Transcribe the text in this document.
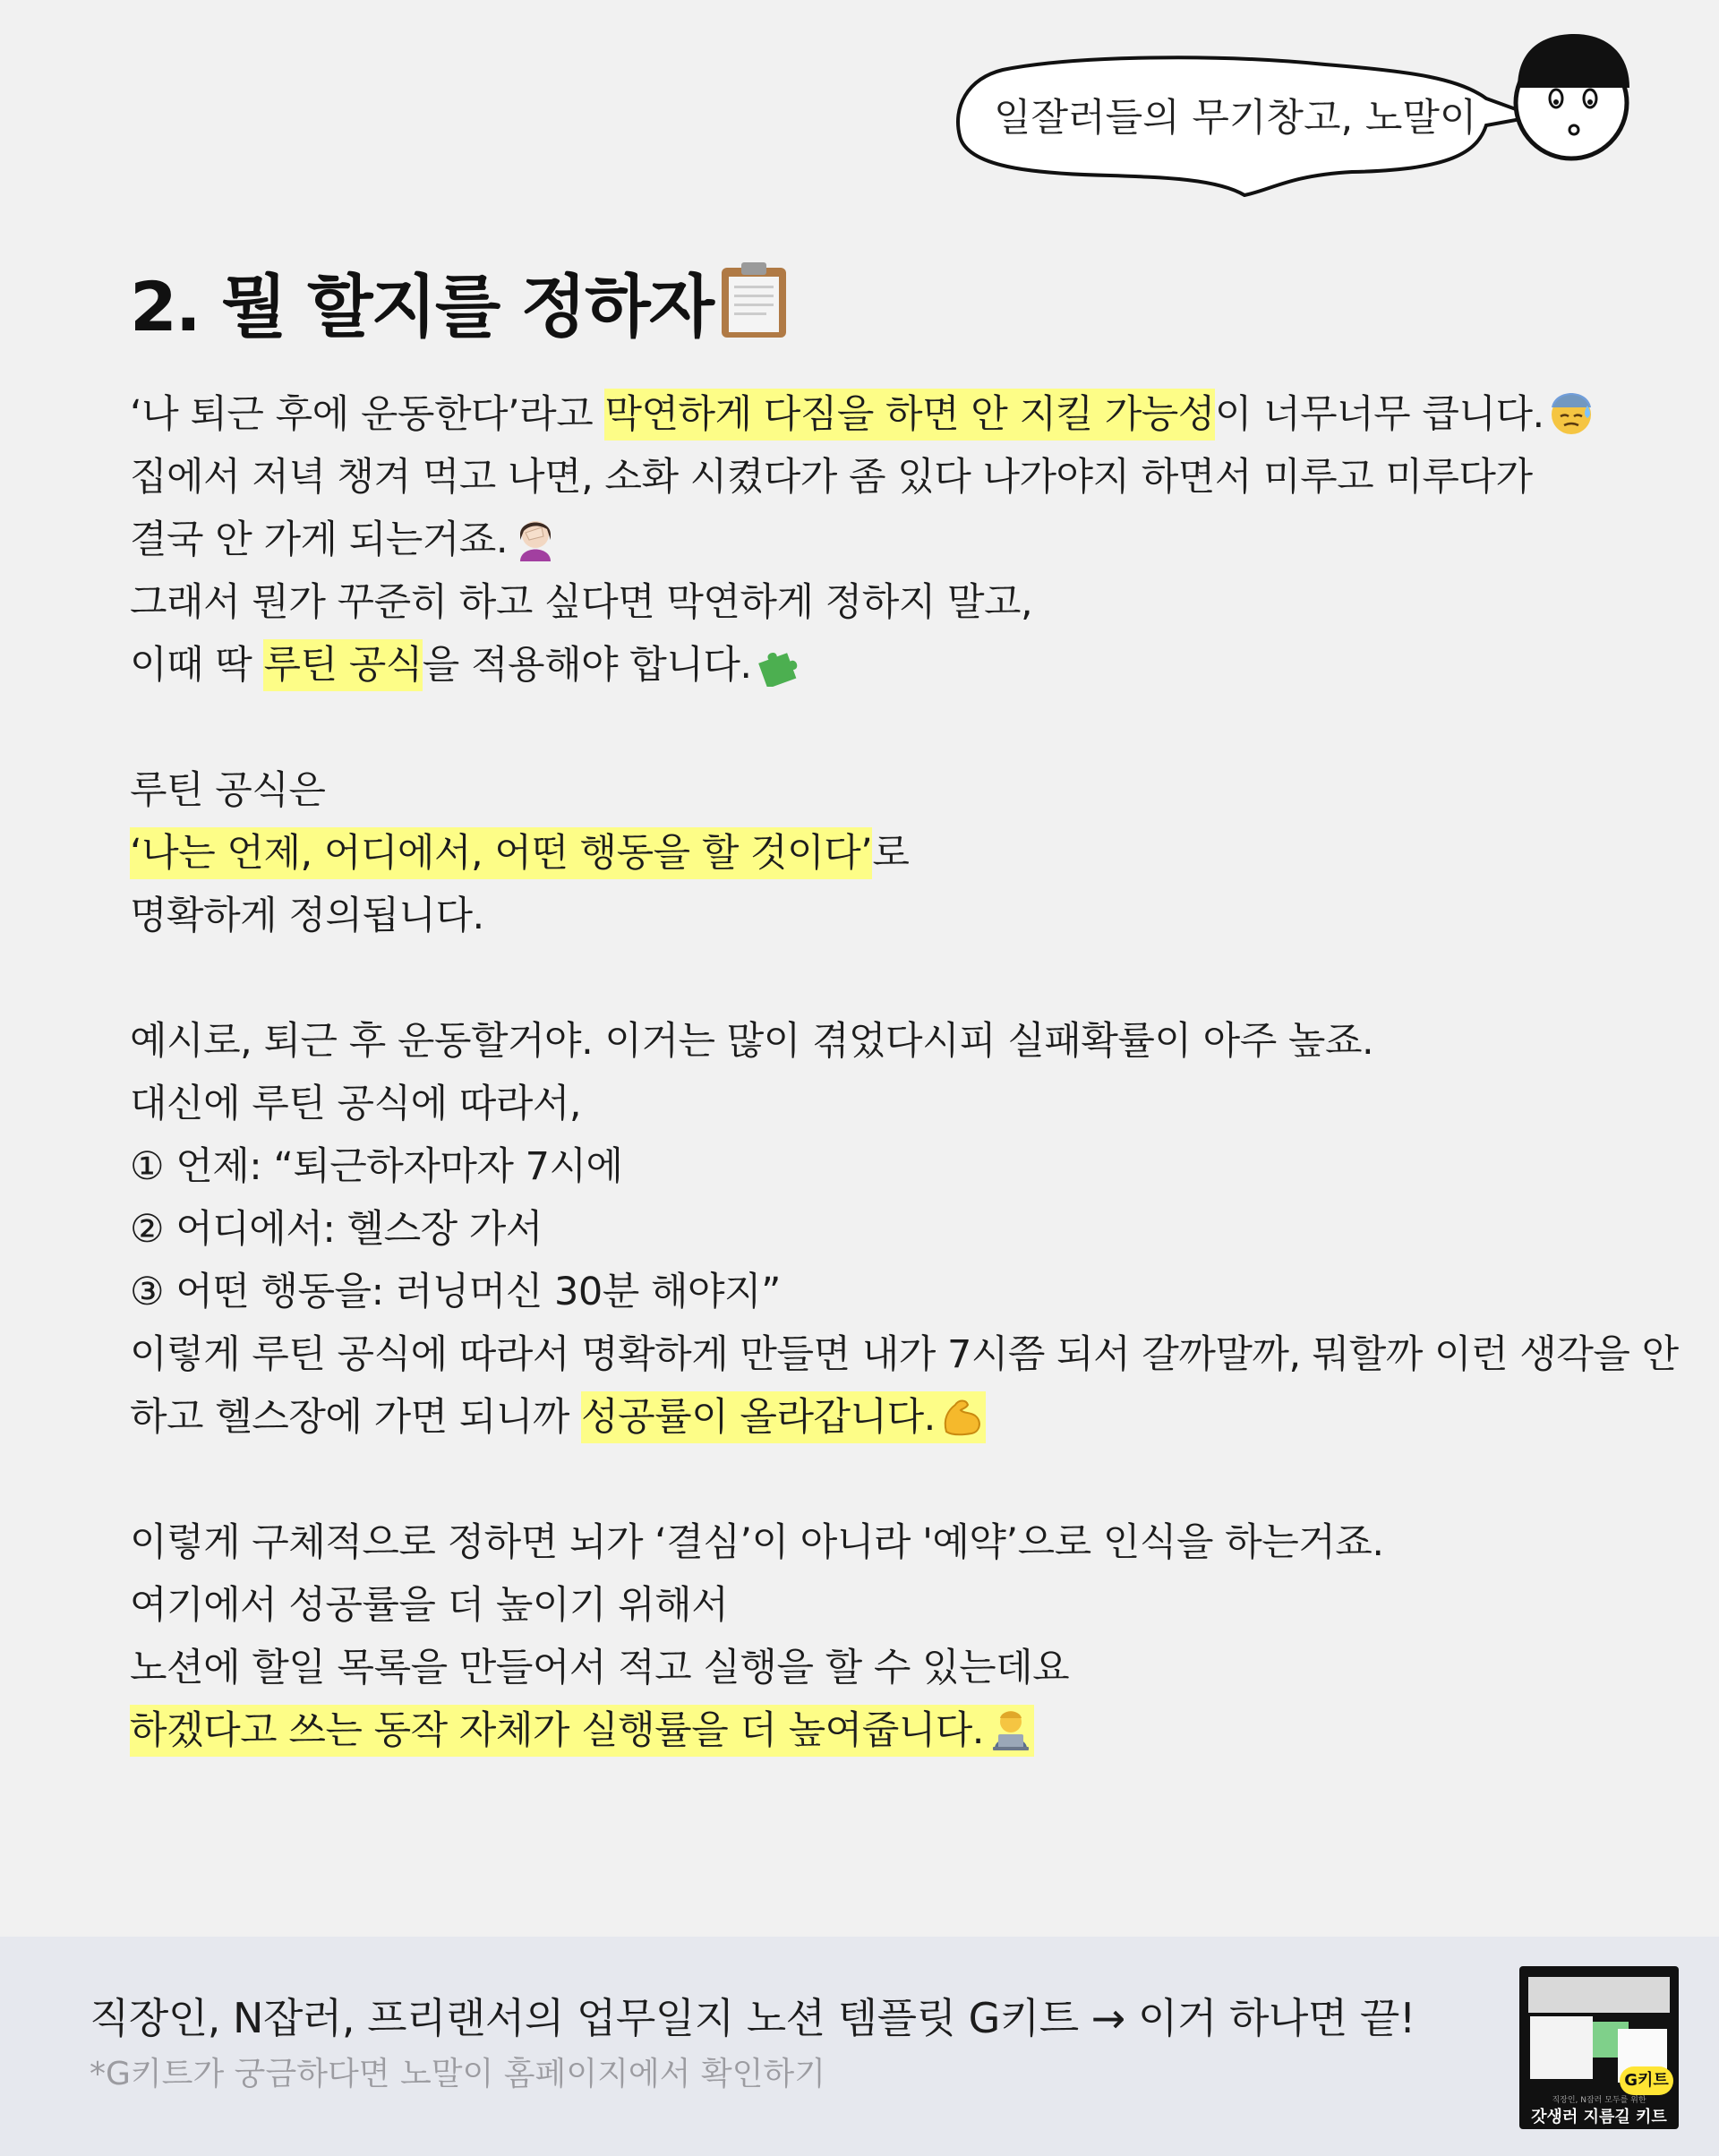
일잘러들의 무기창고, 노말이
2. 뭘 할지를 정하자
‘나 퇴근 후에 운동한다’라고 막연하게 다짐을 하면 안 지킬 가능성이 너무너무 큽니다.
집에서 저녁 챙겨 먹고 나면, 소화 시켰다가 좀 있다 나가야지 하면서 미루고 미루다가
결국 안 가게 되는거죠.
그래서 뭔가 꾸준히 하고 싶다면 막연하게 정하지 말고,
이때 딱 루틴 공식을 적용해야 합니다.
루틴 공식은
‘나는 언제, 어디에서, 어떤 행동을 할 것이다’로
명확하게 정의됩니다.
예시로, 퇴근 후 운동할거야. 이거는 많이 겪었다시피 실패확률이 아주 높죠.
대신에 루틴 공식에 따라서,
① 언제: “퇴근하자마자 7시에
② 어디에서: 헬스장 가서
③ 어떤 행동을: 러닝머신 30분 해야지”
이렇게 루틴 공식에 따라서 명확하게 만들면 내가 7시쯤 되서 갈까말까, 뭐할까 이런 생각을 안
하고 헬스장에 가면 되니까 성공률이 올라갑니다.
이렇게 구체적으로 정하면 뇌가 ‘결심’이 아니라 '예약’으로 인식을 하는거죠.
여기에서 성공률을 더 높이기 위해서
노션에 할일 목록을 만들어서 적고 실행을 할 수 있는데요
하겠다고 쓰는 동작 자체가 실행률을 더 높여줍니다.
직장인, N잡러, 프리랜서의 업무일지 노션 템플릿 G키트 → 이거 하나면 끝!
*G키트가 궁금하다면 노말이 홈페이지에서 확인하기	G키트
직장인, N잡러 모두를 위한
갓생러 지름길 키트
